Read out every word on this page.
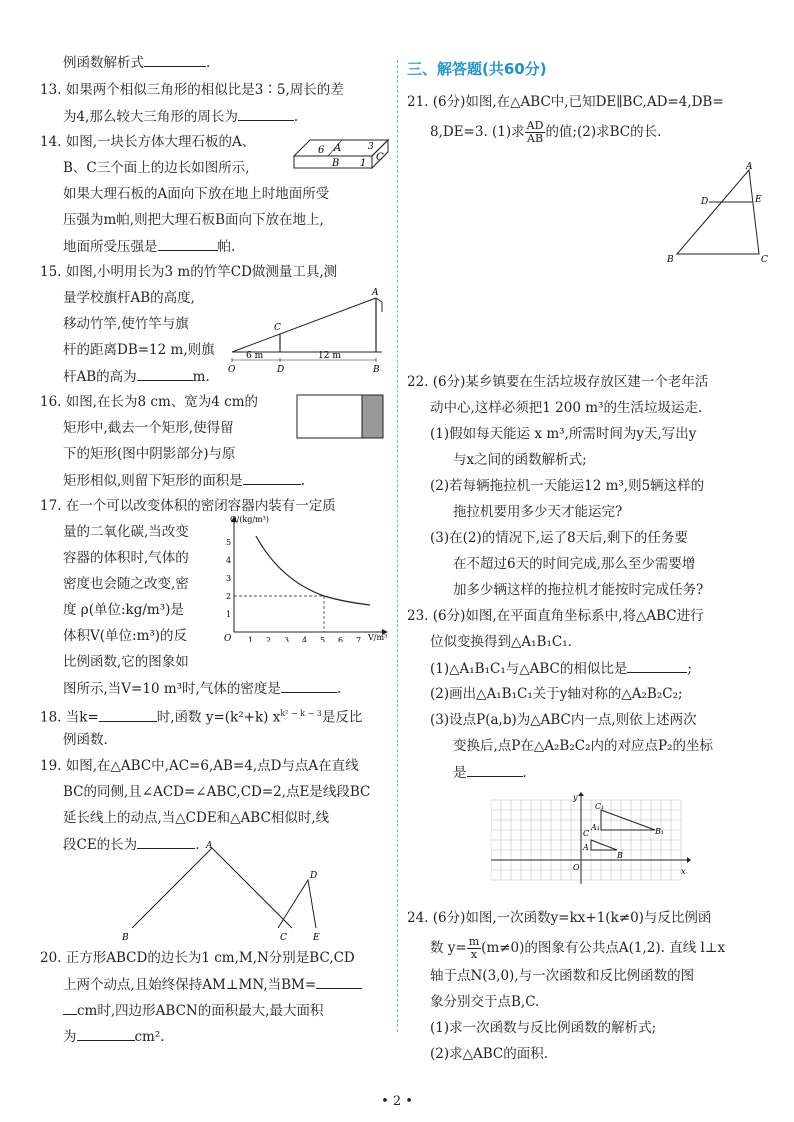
例函数解析式	.
13. 如果两个相似三角形的相似比是3∶5,周长的差
为4,那么较大三角形的周长为	.
14. 如图,一块长方体大理石板的A、
B、C三个面上的边长如图所示,
6 A
B 1
3
C
如果大理石板的A面向下放在地上时地面所受
压强为m帕,则把大理石板B面向下放在地上,
地面所受压强是	帕.
15. 如图,小明用长为3 m的竹竿CD做测量工具,测
量学校旗杆AB的高度,
移动竹竿,使竹竿与旗
杆的距离DB=12 m,则旗
杆AB的高为	m.
A
C
O	D	B
6 m	12 m
16. 如图,在长为8 cm、宽为4 cm的
矩形中,截去一个矩形,使得留
下的矩形(图中阴影部分)与原
矩形相似,则留下矩形的面积是	.
17. 在一个可以改变体积的密闭容器内装有一定质
量的二氧化碳,当改变
容器的体积时,气体的
密度也会随之改变,密
度 ρ(单位:kg/m³)是
体积V(单位:m³)的反
比例函数,它的图象如
图所示,当V=10 m³时,气体的密度是	.
Q/(kg/m³)
V/m³
O 1 2 3 4 5 6 7
1
2
3
4
5
18. 当k=	时,函数 y=(k²+k) $x^{k^2 - k - 3}$是反比
例函数.
19. 如图,在△ABC中,AC=6,AB=4,点D与点A在直线
BC的同侧,且∠ACD=∠ABC,CD=2,点E是线段BC
延长线上的动点,当△CDE和△ABC相似时,线
段CE的长为	. A
B	C
D
E
20. 正方形ABCD的边长为1 cm,M,N分别是BC,CD
上两个动点,且始终保持AM⊥MN,当BM=
cm时,四边形ABCN的面积最大,最大面积
为	cm².
三、解答题(共60分)
21. (6分)如图,在△ABC中,已知DE∥BC,AD=4,DB=
8,DE=3. (1)求 $\frac{AD}{AB}$ 的值;(2)求BC的长.
A
D	E
B	C
22. (6分)某乡镇要在生活垃圾存放区建一个老年活
动中心,这样必须把1 200 m³的生活垃圾运走.
(1)假如每天能运 x m³,所需时间为y天,写出y
与x之间的函数解析式;
(2)若每辆拖拉机一天能运12 m³,则5辆这样的
拖拉机要用多少天才能运完?
(3)在(2)的情况下,运了8天后,剩下的任务要
在不超过6天的时间完成,那么至少需要增
加多少辆这样的拖拉机才能按时完成任务?
23. (6分)如图,在平面直角坐标系中,将△ABC进行
位似变换得到△A₁B₁C₁.
(1)△A₁B₁C₁与△ABC的相似比是	;
(2)画出△A₁B₁C₁关于y轴对称的△A₂B₂C₂;
(3)设点P(a,b)为△ABC内一点,则依上述两次
变换后,点P在△A₂B₂C₂内的对应点P₂的坐标
是	.
y
x
O
C₁
A₁	B₁
C
A
B
24. (6分)如图,一次函数y=kx+1(k≠0)与反比例函
数 $y= \frac{m}{x} (m\ne 0)$的图象有公共点A(1,2). 直线 l⊥x
轴于点N(3,0),与一次函数和反比例函数的图
象分别交于点B,C.
(1)求一次函数与反比例函数的解析式;
(2)求△ABC的面积.
• 2 •
